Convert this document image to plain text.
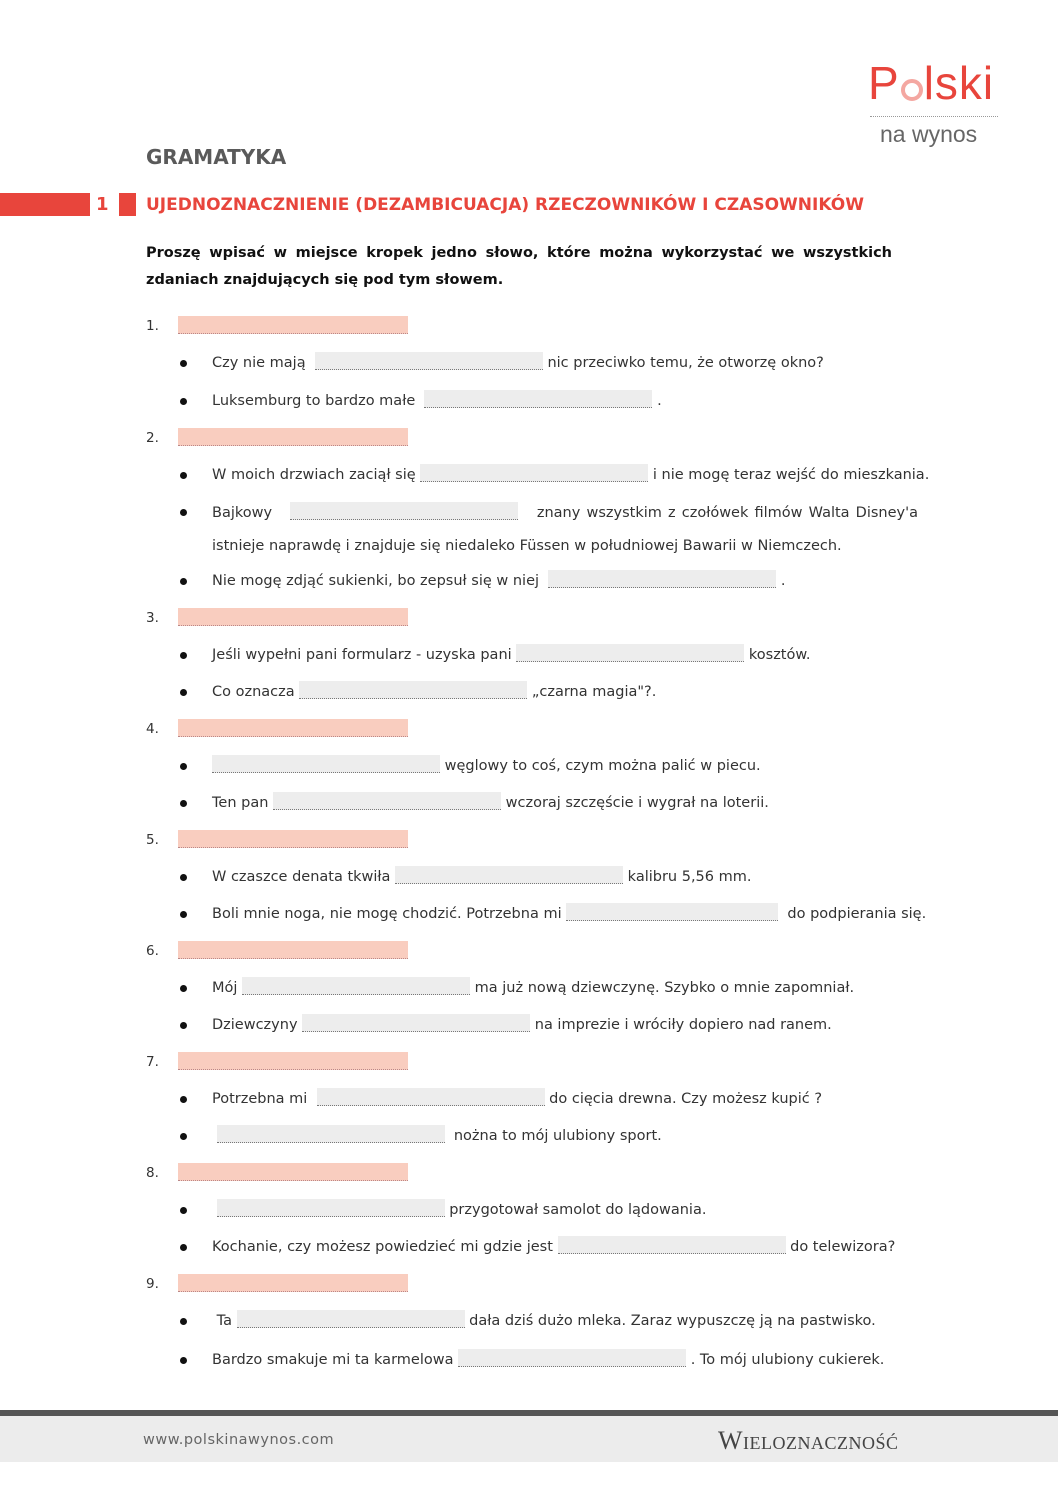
P lski
na wynos
GRAMATYKA
1 UJEDNOZNACZNIENIE (DEZAMBICUACJA) RZECZOWNIKÓW I CZASOWNIKÓW
Proszę wpisać w miejsce kropek jedno słowo, które można wykorzystać we wszystkich zdaniach znajdujących się pod tym słowem.
1.
Czy nie mają	nic przeciwko temu, że otworzę okno?
Luksemburg to bardzo małe	.
2.
W moich drzwiach zaciął się	i nie mogę teraz wejść do mieszkania.
Bajkowy	znany wszystkim z czołówek filmów Walta Disney'a istnieje naprawdę i znajduje się niedaleko Füssen w południowej Bawarii w Niemczech.
Nie mogę zdjąć sukienki, bo zepsuł się w niej	.
3.
Jeśli wypełni pani formularz - uzyska pani	kosztów.
Co oznacza	„czarna magia"?.
4.
węglowy to coś, czym można palić w piecu.
Ten pan	wczoraj szczęście i wygrał na loterii.
5.
W czaszce denata tkwiła	kalibru 5,56 mm.
Boli mnie noga, nie mogę chodzić. Potrzebna mi	do podpierania się.
6.
Mój	ma już nową dziewczynę. Szybko o mnie zapomniał.
Dziewczyny	na imprezie i wróciły dopiero nad ranem.
7.
Potrzebna mi	do cięcia drewna. Czy możesz kupić ?
nożna to mój ulubiony sport.
8.
przygotował samolot do lądowania.
Kochanie, czy możesz powiedzieć mi gdzie jest	do telewizora?
9.
Ta	dała dziś dużo mleka. Zaraz wypuszczę ją na pastwisko.
Bardzo smakuje mi ta karmelowa	. To mój ulubiony cukierek.
www.polskinawynos.com	Wieloznaczność
